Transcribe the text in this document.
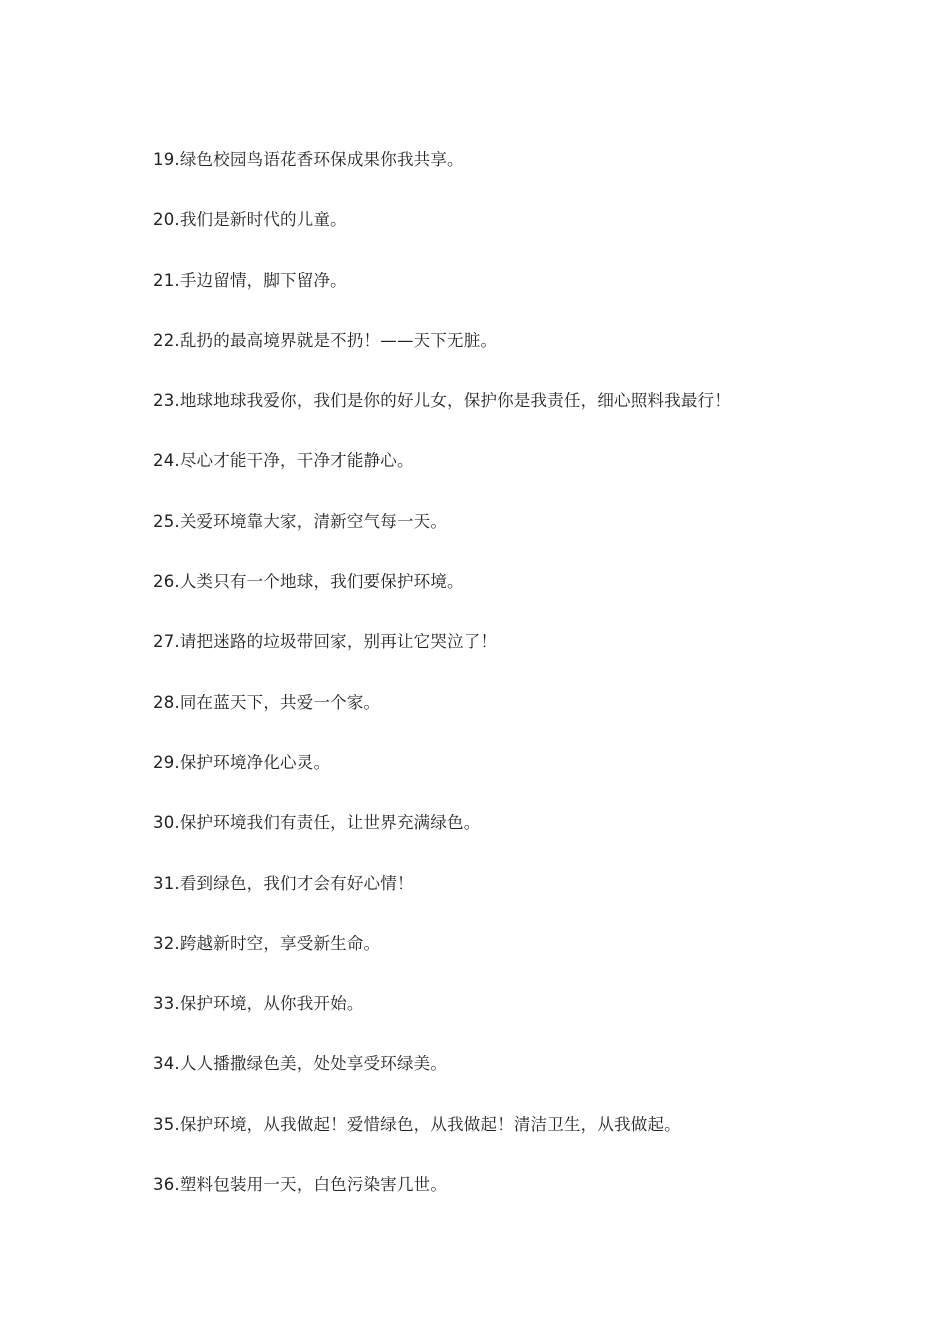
19.绿色校园鸟语花香环保成果你我共享。
20.我们是新时代的儿童。
21.手边留情，脚下留净。
22.乱扔的最高境界就是不扔！——天下无脏。
23.地球地球我爱你，我们是你的好儿女，保护你是我责任，细心照料我最行！
24.尽心才能干净，干净才能静心。
25.关爱环境靠大家，清新空气每一天。
26.人类只有一个地球，我们要保护环境。
27.请把迷路的垃圾带回家，别再让它哭泣了！
28.同在蓝天下，共爱一个家。
29.保护环境净化心灵。
30.保护环境我们有责任，让世界充满绿色。
31.看到绿色，我们才会有好心情！
32.跨越新时空，享受新生命。
33.保护环境，从你我开始。
34.人人播撒绿色美，处处享受环绿美。
35.保护环境，从我做起！爱惜绿色，从我做起！清洁卫生，从我做起。
36.塑料包装用一天，白色污染害几世。
